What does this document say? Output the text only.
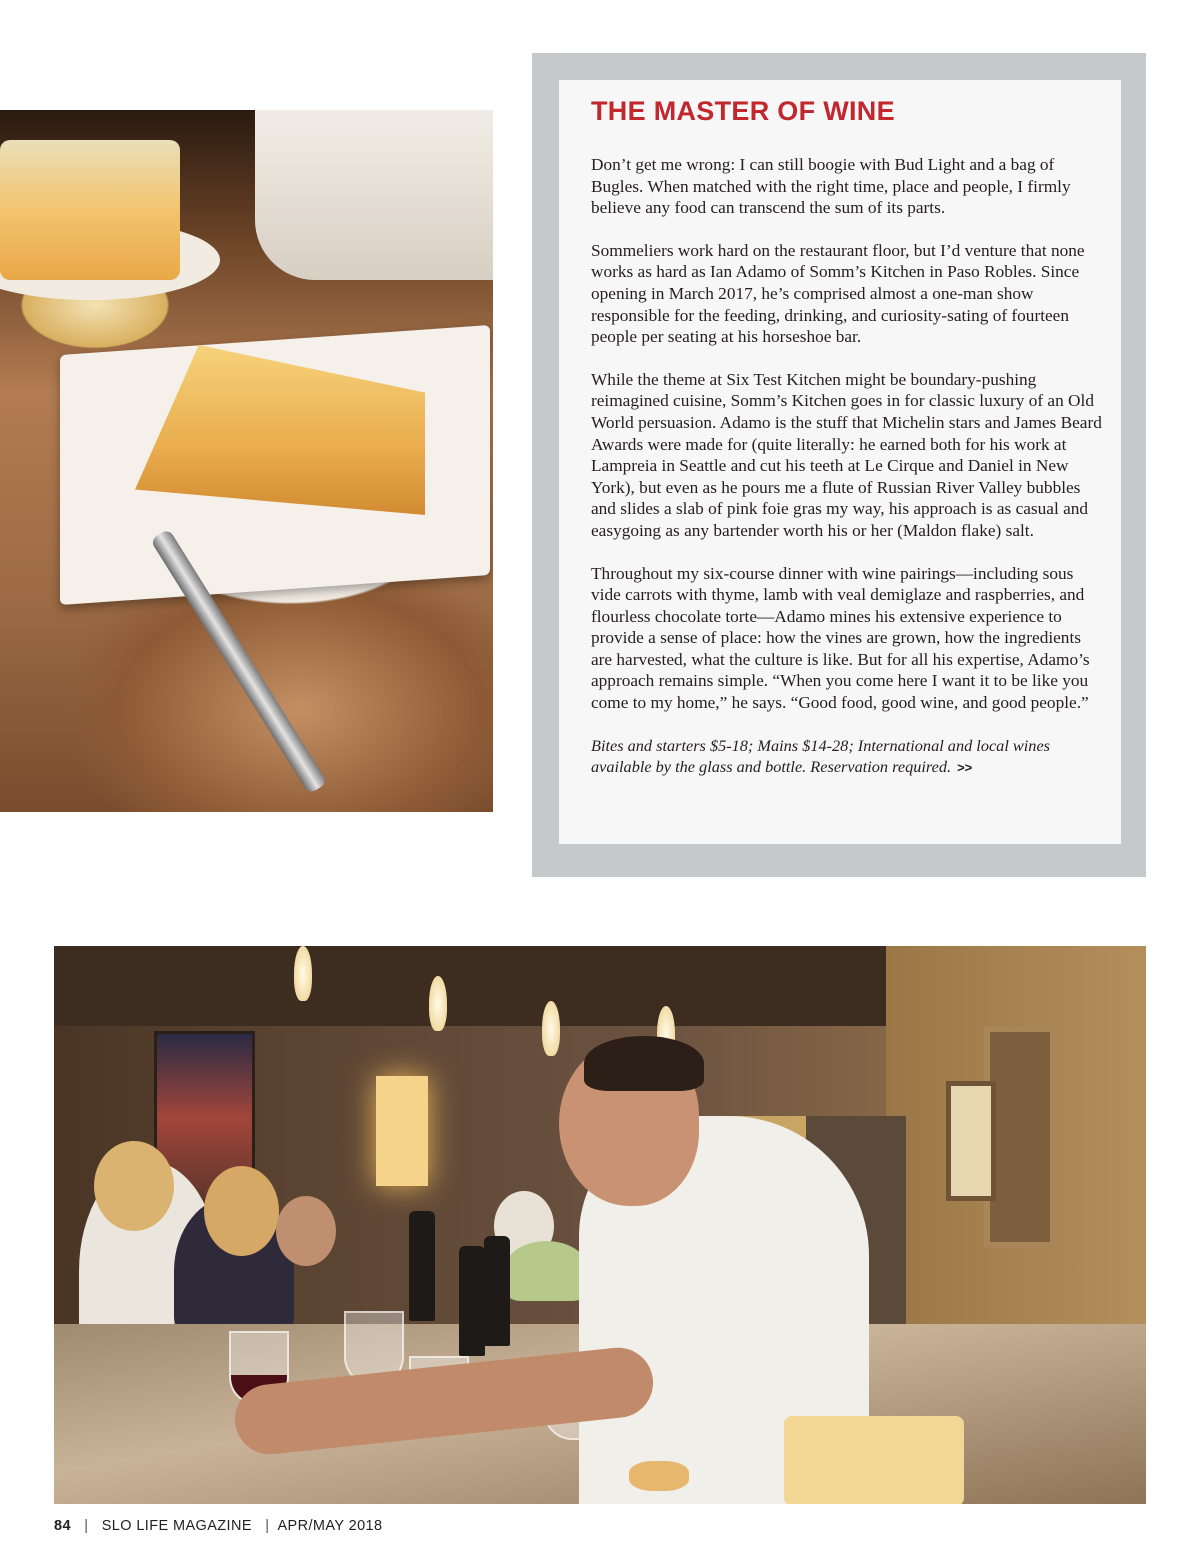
THE MASTER OF WINE

Don’t get me wrong: I can still boogie with Bud Light and a bag of Bugles. When matched with the right time, place and people, I firmly believe any food can transcend the sum of its parts.

Sommeliers work hard on the restaurant floor, but I’d venture that none works as hard as Ian Adamo of Somm’s Kitchen in Paso Robles. Since opening in March 2017, he’s comprised almost a one-man show responsible for the feeding, drinking, and curiosity-sating of fourteen people per seating at his horseshoe bar.

While the theme at Six Test Kitchen might be boundary-pushing reimagined cuisine, Somm’s Kitchen goes in for classic luxury of an Old World persuasion. Adamo is the stuff that Michelin stars and James Beard Awards were made for (quite literally: he earned both for his work at Lampreia in Seattle and cut his teeth at Le Cirque and Daniel in New York), but even as he pours me a flute of Russian River Valley bubbles and slides a slab of pink foie gras my way, his approach is as casual and easygoing as any bartender worth his or her (Maldon flake) salt.

Throughout my six-course dinner with wine pairings—including sous vide carrots with thyme, lamb with veal demiglaze and raspberries, and flourless chocolate torte—Adamo mines his extensive experience to provide a sense of place: how the vines are grown, how the ingredients are harvested, what the culture is like. But for all his expertise, Adamo’s approach remains simple. “When you come here I want it to be like you come to my home,” he says. “Good food, good wine, and good people.”

Bites and starters $5-18; Mains $14-28; International and local wines available by the glass and bottle. Reservation required. >>

84 | SLO LIFE MAGAZINE | APR/MAY 2018
